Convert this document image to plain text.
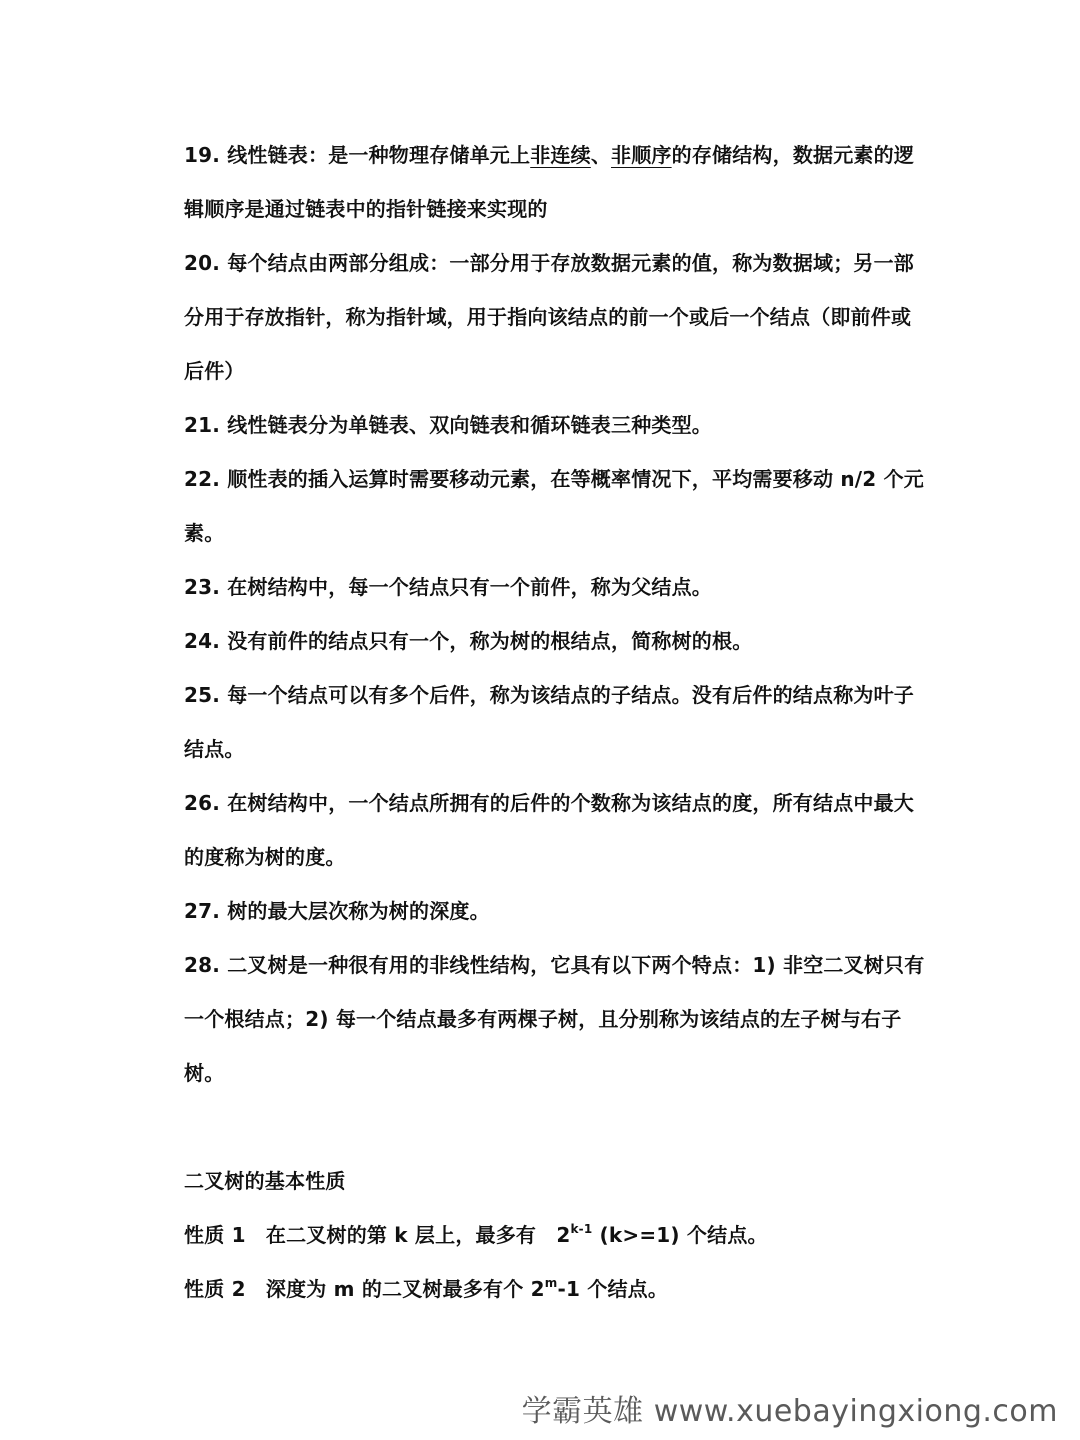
19. 线性链表：是一种物理存储单元上非连续、非顺序的存储结构，数据元素的逻辑顺序是通过链表中的指针链接来实现的

20. 每个结点由两部分组成：一部分用于存放数据元素的值，称为数据域；另一部分用于存放指针，称为指针域，用于指向该结点的前一个或后一个结点（即前件或后件）

21. 线性链表分为单链表、双向链表和循环链表三种类型。

22. 顺性表的插入运算时需要移动元素，在等概率情况下，平均需要移动 n/2 个元素。

23. 在树结构中，每一个结点只有一个前件，称为父结点。

24. 没有前件的结点只有一个，称为树的根结点，简称树的根。

25. 每一个结点可以有多个后件，称为该结点的子结点。没有后件的结点称为叶子结点。

26. 在树结构中，一个结点所拥有的后件的个数称为该结点的度，所有结点中最大的度称为树的度。

27. 树的最大层次称为树的深度。

28. 二叉树是一种很有用的非线性结构，它具有以下两个特点：1) 非空二叉树只有一个根结点；2) 每一个结点最多有两棵子树，且分别称为该结点的左子树与右子树。

二叉树的基本性质

性质 1  在二叉树的第 k 层上，最多有  2$^{k-1}$ (k>=1) 个结点。

性质 2  深度为 m 的二叉树最多有个 2$^m$-1 个结点。

学霸英雄 www.xuebayingxiong.com
